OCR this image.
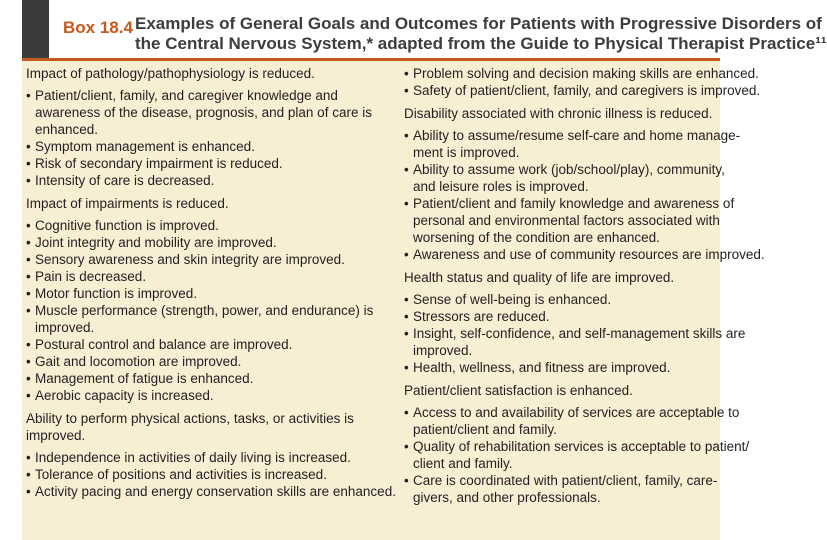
Box 18.4 Examples of General Goals and Outcomes for Patients with Progressive Disorders of
the Central Nervous System,* adapted from the Guide to Physical Therapist Practice¹¹

Impact of pathology/pathophysiology is reduced.

• Patient/client, family, and caregiver knowledge and awareness of the disease, prognosis, and plan of care is enhanced.
• Symptom management is enhanced.
• Risk of secondary impairment is reduced.
• Intensity of care is decreased.

Impact of impairments is reduced.

• Cognitive function is improved.
• Joint integrity and mobility are improved.
• Sensory awareness and skin integrity are improved.
• Pain is decreased.
• Motor function is improved.
• Muscle performance (strength, power, and endurance) is improved.
• Postural control and balance are improved.
• Gait and locomotion are improved.
• Management of fatigue is enhanced.
• Aerobic capacity is increased.

Ability to perform physical actions, tasks, or activities is improved.

• Independence in activities of daily living is increased.
• Tolerance of positions and activities is increased.
• Activity pacing and energy conservation skills are enhanced.
• Problem solving and decision making skills are enhanced.
• Safety of patient/client, family, and caregivers is improved.

Disability associated with chronic illness is reduced.

• Ability to assume/resume self-care and home manage-
ment is improved.
• Ability to assume work (job/school/play), community,
and leisure roles is improved.
• Patient/client and family knowledge and awareness of
personal and environmental factors associated with
worsening of the condition are enhanced.
• Awareness and use of community resources are improved.

Health status and quality of life are improved.

• Sense of well-being is enhanced.
• Stressors are reduced.
• Insight, self-confidence, and self-management skills are
improved.
• Health, wellness, and fitness are improved.

Patient/client satisfaction is enhanced.

• Access to and availability of services are acceptable to
patient/client and family.
• Quality of rehabilitation services is acceptable to patient/
client and family.
• Care is coordinated with patient/client, family, care-
givers, and other professionals.
